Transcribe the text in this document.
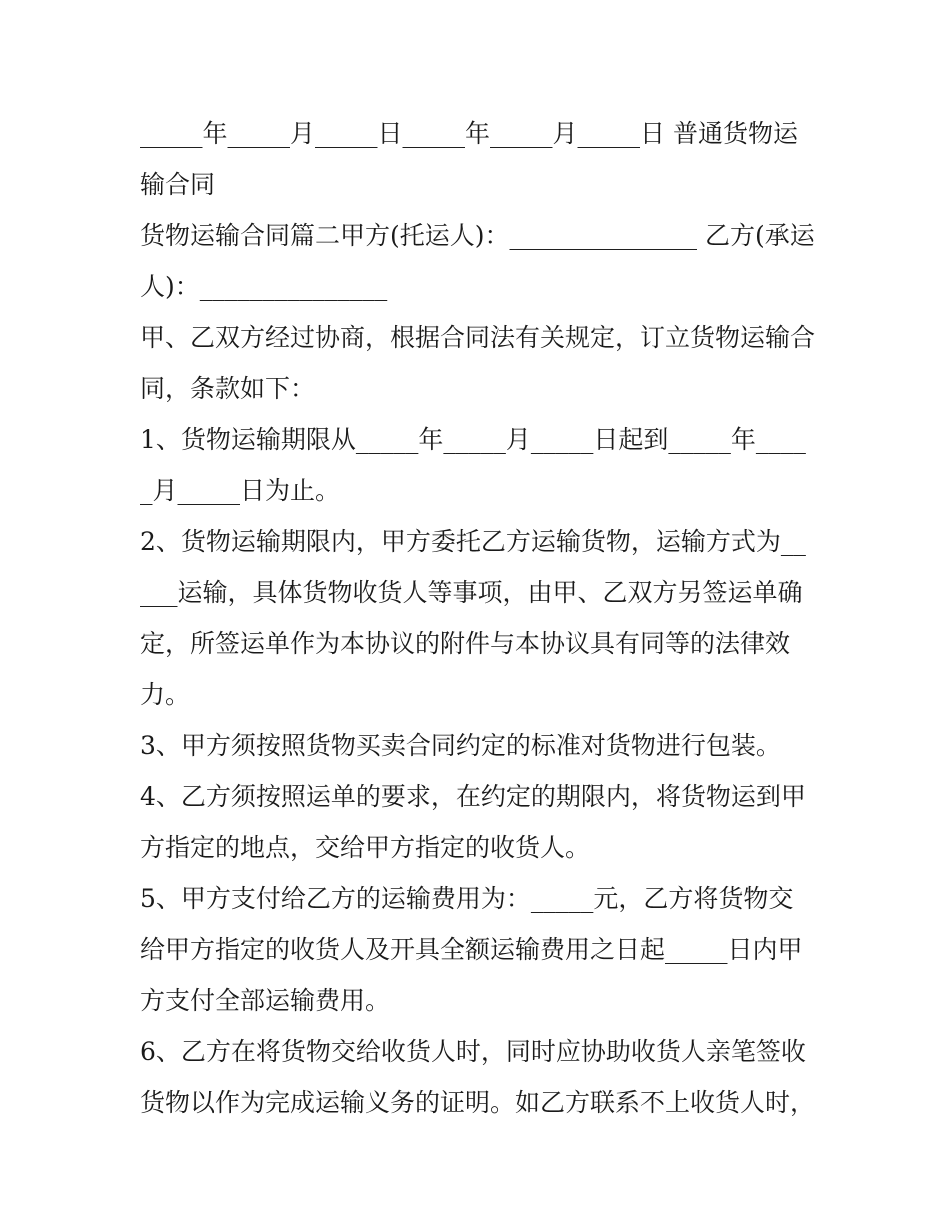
_____年_____月_____日_____年_____月_____日 普通货物运输合同

货物运输合同篇二甲方(托运人)：_______________ 乙方(承运人)：_______________

甲、乙双方经过协商，根据合同法有关规定，订立货物运输合同，条款如下：

1、货物运输期限从_____年_____月_____日起到_____年_____月_____日为止。

2、货物运输期限内，甲方委托乙方运输货物，运输方式为_____运输，具体货物收货人等事项，由甲、乙双方另签运单确定，所签运单作为本协议的附件与本协议具有同等的法律效力。

3、甲方须按照货物买卖合同约定的标准对货物进行包装。

4、乙方须按照运单的要求，在约定的期限内，将货物运到甲方指定的地点，交给甲方指定的收货人。

5、甲方支付给乙方的运输费用为：_____元，乙方将货物交给甲方指定的收货人及开具全额运输费用之日起_____日内甲方支付全部运输费用。

6、乙方在将货物交给收货人时，同时应协助收货人亲笔签收货物以作为完成运输义务的证明。如乙方联系不上收货人时，
